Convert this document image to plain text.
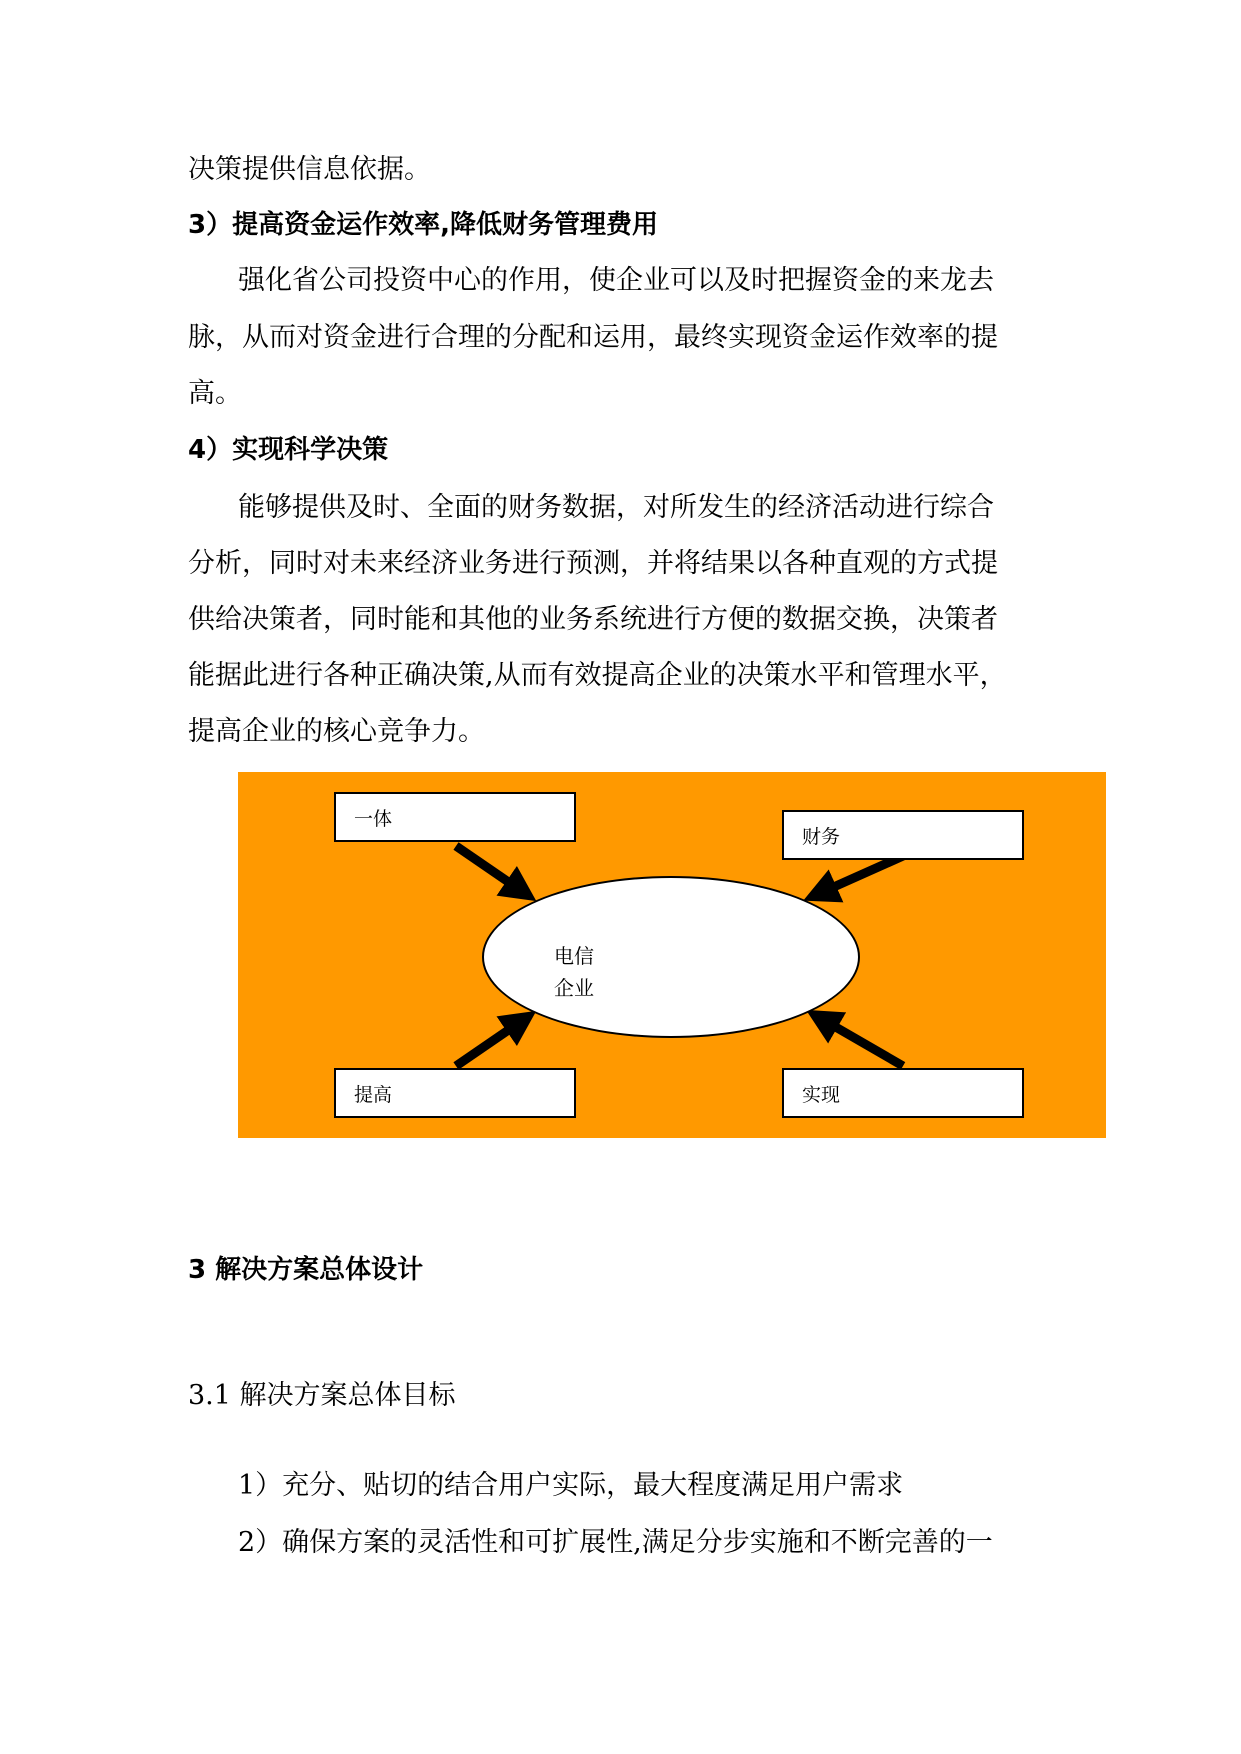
决策提供信息依据。
3）提高资金运作效率,降低财务管理费用
强化省公司投资中心的作用，使企业可以及时把握资金的来龙去
脉，从而对资金进行合理的分配和运用，最终实现资金运作效率的提
高。
4）实现科学决策
能够提供及时、全面的财务数据，对所发生的经济活动进行综合
分析，同时对未来经济业务进行预测，并将结果以各种直观的方式提
供给决策者，同时能和其他的业务系统进行方便的数据交换，决策者
能据此进行各种正确决策,从而有效提高企业的决策水平和管理水平，
提高企业的核心竞争力。
一体
财务
提高	实现
电信
企业
3 解决方案总体设计
3.1 解决方案总体目标
1）充分、贴切的结合用户实际，最大程度满足用户需求
2）确保方案的灵活性和可扩展性,满足分步实施和不断完善的一
